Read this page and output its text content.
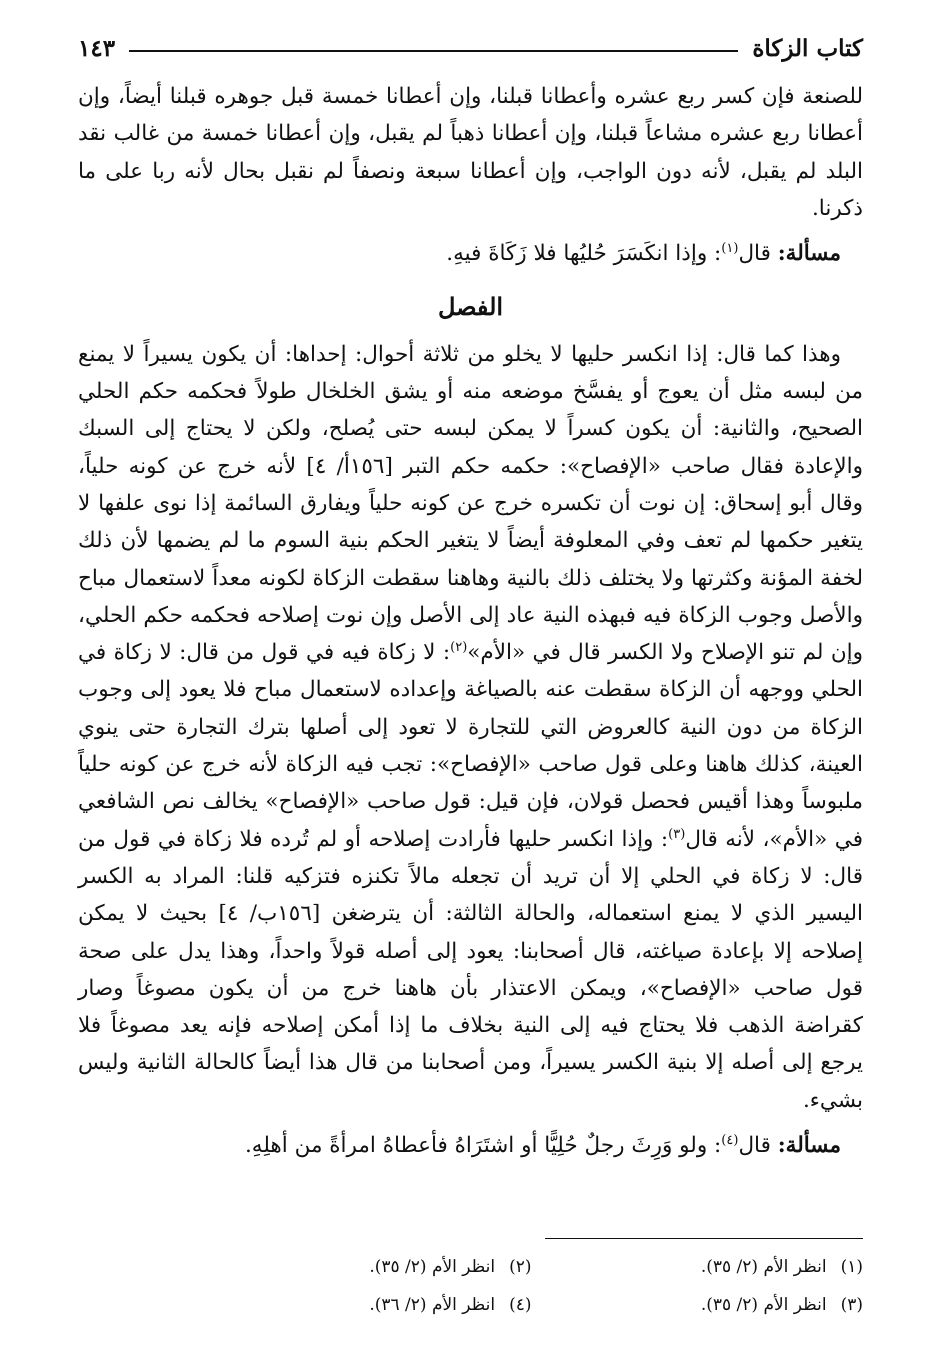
كتاب الزكاة
١٤٣

للصنعة فإن كسر ربع عشره وأعطانا قبلنا، وإن أعطانا خمسة قبل جوهره قبلنا أيضاً، وإن أعطانا ربع عشره مشاعاً قبلنا، وإن أعطانا ذهباً لم يقبل، وإن أعطانا خمسة من غالب نقد البلد لم يقبل، لأنه دون الواجب، وإن أعطانا سبعة ونصفاً لم نقبل بحال لأنه ربا على ما ذكرنا.

مسألة: قال$^{(١)}$: وإذا انكَسَرَ حُليُها فلا زَكَاةَ فيهِ.

الفصل

وهذا كما قال: إذا انكسر حليها لا يخلو من ثلاثة أحوال: إحداها: أن يكون يسيراً لا يمنع من لبسه مثل أن يعوج أو يفسَّخ موضعه منه أو يشق الخلخال طولاً فحكمه حكم الحلي الصحيح، والثانية: أن يكون كسراً لا يمكن لبسه حتى يُصلح، ولكن لا يحتاج إلى السبك والإعادة فقال صاحب «الإفصاح»: حكمه حكم التبر [١٥٦أ/ ٤] لأنه خرج عن كونه حلياً، وقال أبو إسحاق: إن نوت أن تكسره خرج عن كونه حلياً ويفارق السائمة إذا نوى علفها لا يتغير حكمها لم تعف وفي المعلوفة أيضاً لا يتغير الحكم بنية السوم ما لم يضمها لأن ذلك لخفة المؤنة وكثرتها ولا يختلف ذلك بالنية وهاهنا سقطت الزكاة لكونه معداً لاستعمال مباح والأصل وجوب الزكاة فيه فبهذه النية عاد إلى الأصل وإن نوت إصلاحه فحكمه حكم الحلي، وإن لم تنو الإصلاح ولا الكسر قال في «الأم»$^{(٢)}$: لا زكاة فيه في قول من قال: لا زكاة في الحلي ووجهه أن الزكاة سقطت عنه بالصياغة وإعداده لاستعمال مباح فلا يعود إلى وجوب الزكاة من دون النية كالعروض التي للتجارة لا تعود إلى أصلها بترك التجارة حتى ينوي العينة، كذلك هاهنا وعلى قول صاحب «الإفصاح»: تجب فيه الزكاة لأنه خرج عن كونه حلياً ملبوساً وهذا أقيس فحصل قولان، فإن قيل: قول صاحب «الإفصاح» يخالف نص الشافعي في «الأم»، لأنه قال$^{(٣)}$: وإذا انكسر حليها فأرادت إصلاحه أو لم تُرده فلا زكاة في قول من قال: لا زكاة في الحلي إلا أن تريد أن تجعله مالاً تكنزه فتزكيه قلنا: المراد به الكسر اليسير الذي لا يمنع استعماله، والحالة الثالثة: أن يترضغن [١٥٦ب/ ٤] بحيث لا يمكن إصلاحه إلا بإعادة صياغته، قال أصحابنا: يعود إلى أصله قولاً واحداً، وهذا يدل على صحة قول صاحب «الإفصاح»، ويمكن الاعتذار بأن هاهنا خرج من أن يكون مصوغاً وصار كقراضة الذهب فلا يحتاج فيه إلى النية بخلاف ما إذا أمكن إصلاحه فإنه يعد مصوغاً فلا يرجع إلى أصله إلا بنية الكسر يسيراً، ومن أصحابنا من قال هذا أيضاً كالحالة الثانية وليس بشيء.

مسألة: قال$^{(٤)}$: ولو وَرِثَ رجلٌ حُلِيًّا أو اشتَرَاهُ فأعطاهُ امرأةً من أهلِهِ.

(١)انظر الأم (٢/ ٣٥).
(٢)انظر الأم (٢/ ٣٥).
(٣)انظر الأم (٢/ ٣٥).
(٤)انظر الأم (٢/ ٣٦).
